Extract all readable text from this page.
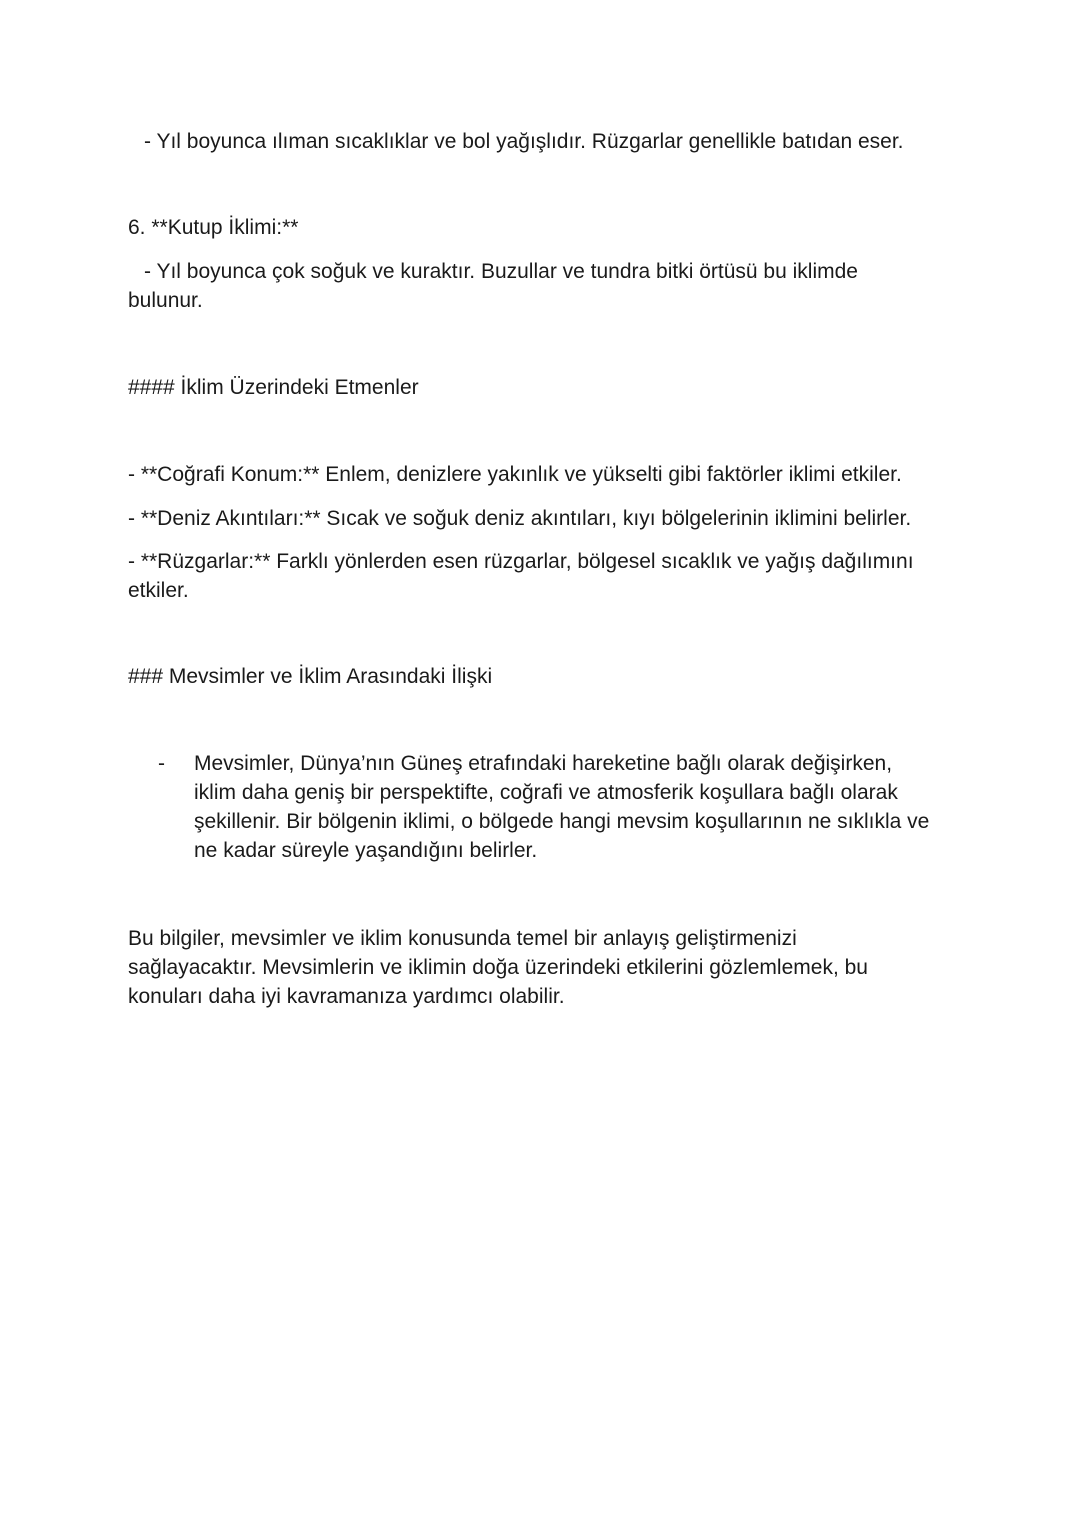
- Yıl boyunca ılıman sıcaklıklar ve bol yağışlıdır. Rüzgarlar genellikle batıdan eser.
6. **Kutup İklimi:**
- Yıl boyunca çok soğuk ve kuraktır. Buzullar ve tundra bitki örtüsü bu iklimde bulunur.
#### İklim Üzerindeki Etmenler
- **Coğrafi Konum:** Enlem, denizlere yakınlık ve yükselti gibi faktörler iklimi etkiler.
- **Deniz Akıntıları:** Sıcak ve soğuk deniz akıntıları, kıyı bölgelerinin iklimini belirler.
- **Rüzgarlar:** Farklı yönlerden esen rüzgarlar, bölgesel sıcaklık ve yağış dağılımını etkiler.
### Mevsimler ve İklim Arasındaki İlişki
-	Mevsimler, Dünya’nın Güneş etrafındaki hareketine bağlı olarak değişirken, iklim daha geniş bir perspektifte, coğrafi ve atmosferik koşullara bağlı olarak şekillenir. Bir bölgenin iklimi, o bölgede hangi mevsim koşullarının ne sıklıkla ve ne kadar süreyle yaşandığını belirler.
Bu bilgiler, mevsimler ve iklim konusunda temel bir anlayış geliştirmenizi sağlayacaktır. Mevsimlerin ve iklimin doğa üzerindeki etkilerini gözlemlemek, bu konuları daha iyi kavramanıza yardımcı olabilir.
